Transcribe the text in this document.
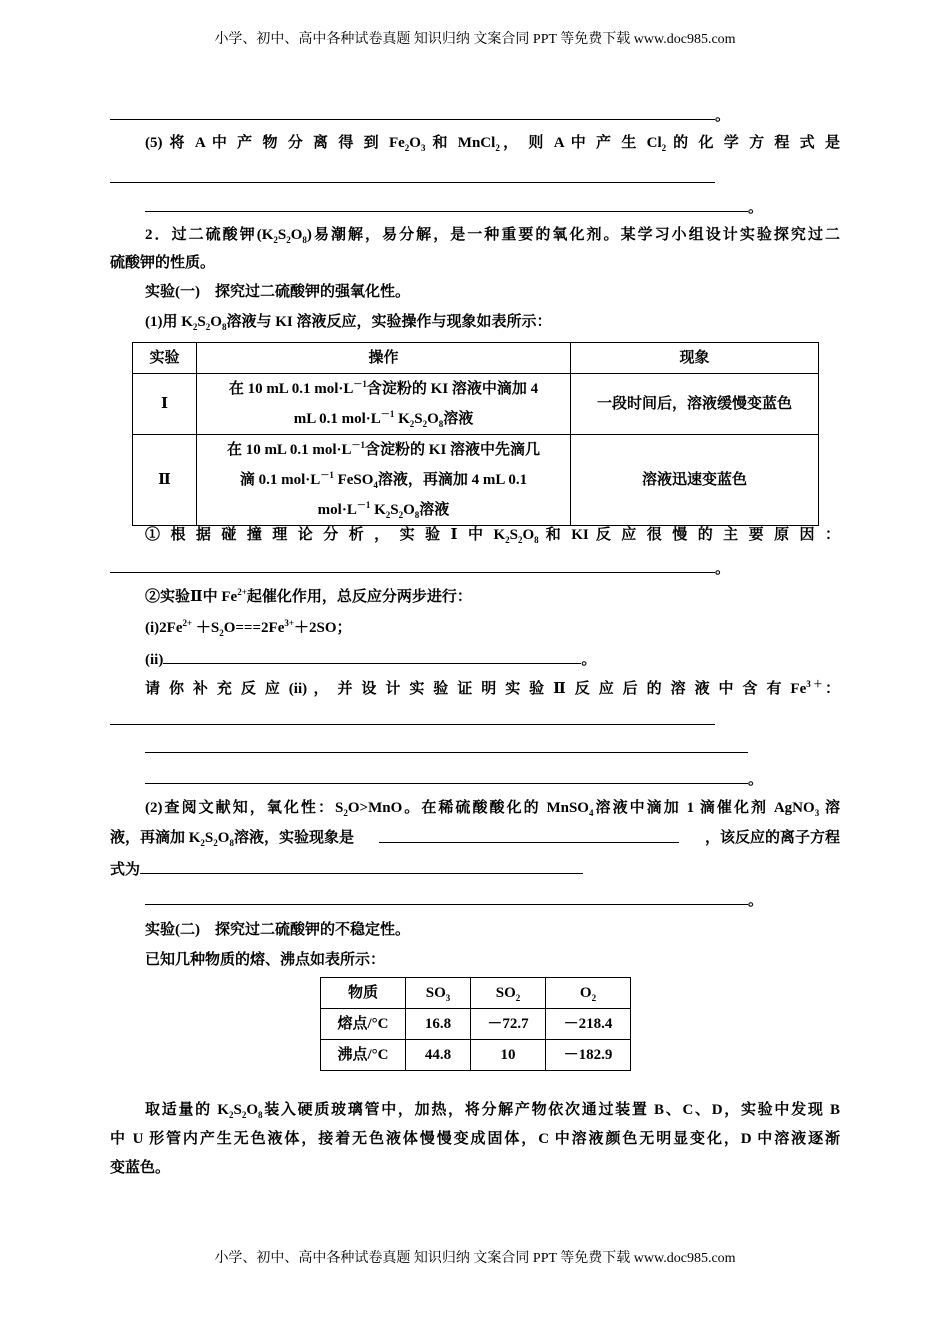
小学、初中、高中各种试卷真题 知识归纳 文案合同 PPT 等免费下载 www.doc985.com
。
(5) 将 A 中 产 物 分 离 得 到 $Fe_2O_3$ 和 MnCl$_2$， 则 A 中 产 生 $Cl_2$ 的 化 学 方 程 式 是
。
2．过二硫酸钾$(K_2S_2O_8)$易潮解，易分解，是一种重要的氧化剂。某学习小组设计实验探究过二
硫酸钾的性质。
实验(一)　探究过二硫酸钾的强氧化性。
(1)用 $K_2S_2O_8$溶液与 KI 溶液反应，实验操作与现象如表所示：
实验	操作	现象
Ⅰ	在 10 mL 0.1 $mol\cdot L^{-1}$含淀粉的 KI 溶液中滴加 4
mL 0.1 $mol\cdot L^{-1}$ $K_2S_2O_8$溶液	一段时间后，溶液缓慢变蓝色
Ⅱ	在 10 mL 0.1 $mol\cdot L^{-1}$含淀粉的 KI 溶液中先滴几
滴 0.1 $mol\cdot L^{-1}$ FeSO$_4$溶液，再滴加 4 mL 0.1
$mol\cdot L^{-1}$ $K_2S_2O_8$溶液	溶液迅速变蓝色
① 根 据 碰 撞 理 论 分 析 ， 实 验 Ⅰ 中 $K_2S_2O_8$ 和 KI 反 应 很 慢 的 主 要 原 因 ：
。
②实验Ⅱ中 $Fe^{2+}$起催化作用，总反应分两步进行：
$(i)2Fe^{2+} +S_2O===2Fe^{3+}+2SO$；
(ii)	。
请 你 补 充 反 应 (ii) ， 并 设 计 实 验 证 明 实 验 Ⅱ 反 应 后 的 溶 液 中 含 有 $Fe^{3+}$：
。
(2)查阅文献知，氧化性：$S_2O>MnO$。在稀硫酸酸化的 MnSO$_4$溶液中滴加 1 滴催化剂 AgNO$_3$ 溶
液，再滴加 $K_2S_2O_8$溶液，实验现象是	，该反应的离子方程
式为
。
实验(二)　探究过二硫酸钾的不稳定性。
已知几种物质的熔、沸点如表所示：
物质	$SO_3$	$SO_2$	$O_2$
熔点/°C	16.8	－72.7	－218.4
沸点/°C	44.8	10	－182.9
取适量的 $K_2S_2O_8$装入硬质玻璃管中，加热，将分解产物依次通过装置 B、C、D，实验中发现 B
中 U 形管内产生无色液体，接着无色液体慢慢变成固体，C 中溶液颜色无明显变化，D 中溶液逐渐
变蓝色。
小学、初中、高中各种试卷真题 知识归纳 文案合同 PPT 等免费下载 www.doc985.com
